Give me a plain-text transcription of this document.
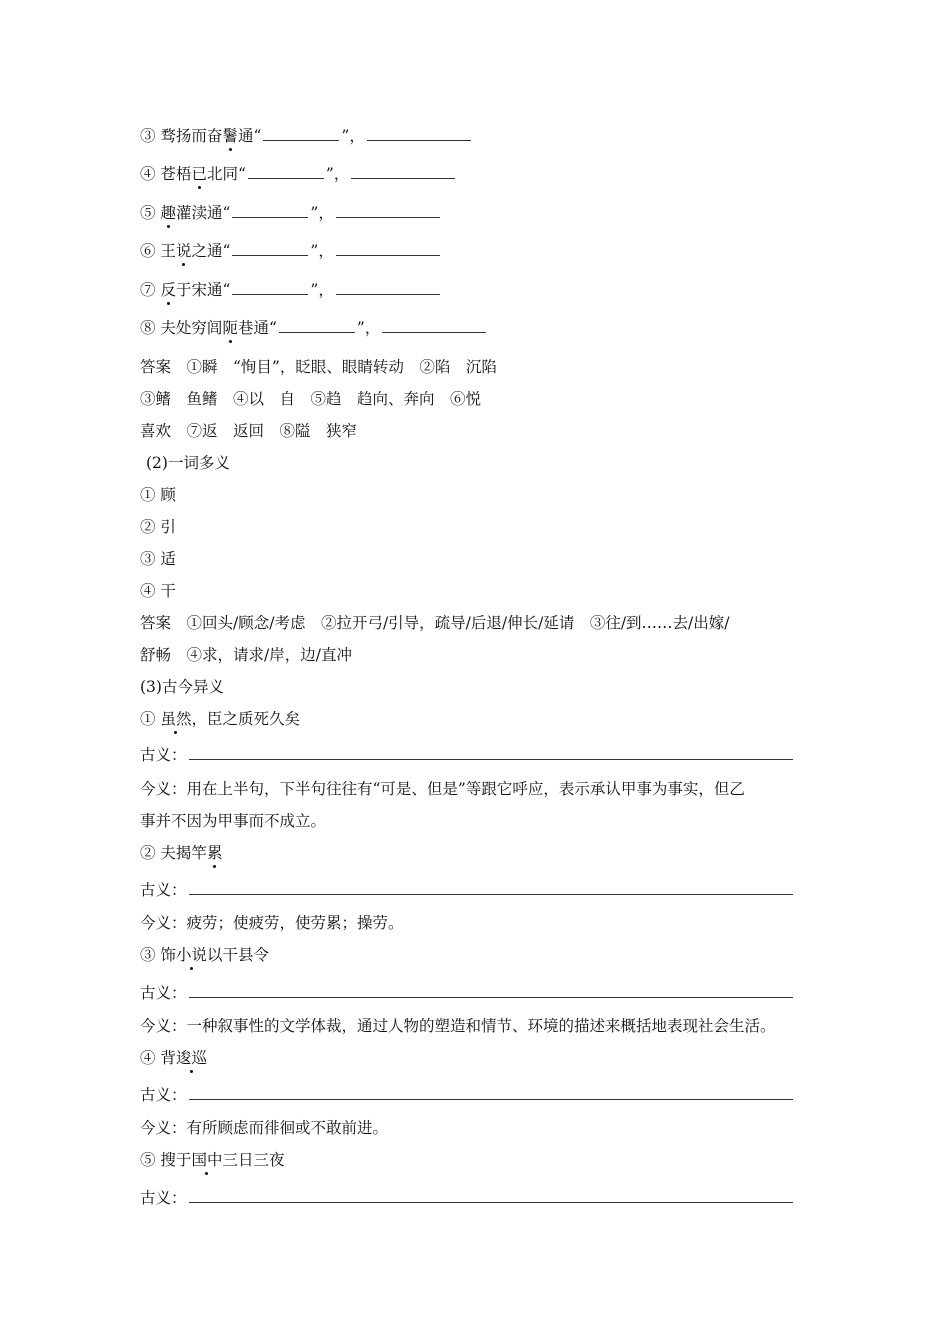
③ 骛扬而奋鬐通“	”，
④ 苍梧已北同“	”，
⑤ 趣灌渎通“	”，
⑥ 王说之通“	”，
⑦ 反于宋通“	”，
⑧ 夫处穷闾阨巷通“	”，
答案　①瞬　“恂目”，眨眼、眼睛转动　②陷　沉陷
③鳍　鱼鳍　④以　自　⑤趋　趋向、奔向　⑥悦
喜欢　⑦返　返回　⑧隘　狭窄
(2)一词多义
① 顾
② 引
③ 适
④ 干
答案　①回头/顾念/考虑　②拉开弓/引导，疏导/后退/伸长/延请　③往/到……去/出嫁/
舒畅　④求，请求/岸，边/直冲
(3)古今异义
① 虽然，臣之质死久矣
古义：
今义：用在上半句，下半句往往有“可是、但是”等跟它呼应，表示承认甲事为事实，但乙
事并不因为甲事而不成立。
② 夫揭竿累
古义：
今义：疲劳；使疲劳，使劳累；操劳。
③ 饰小说以干县令
古义：
今义：一种叙事性的文学体裁，通过人物的塑造和情节、环境的描述来概括地表现社会生活。
④ 背逡巡
古义：
今义：有所顾虑而徘徊或不敢前进。
⑤ 搜于国中三日三夜
古义：
